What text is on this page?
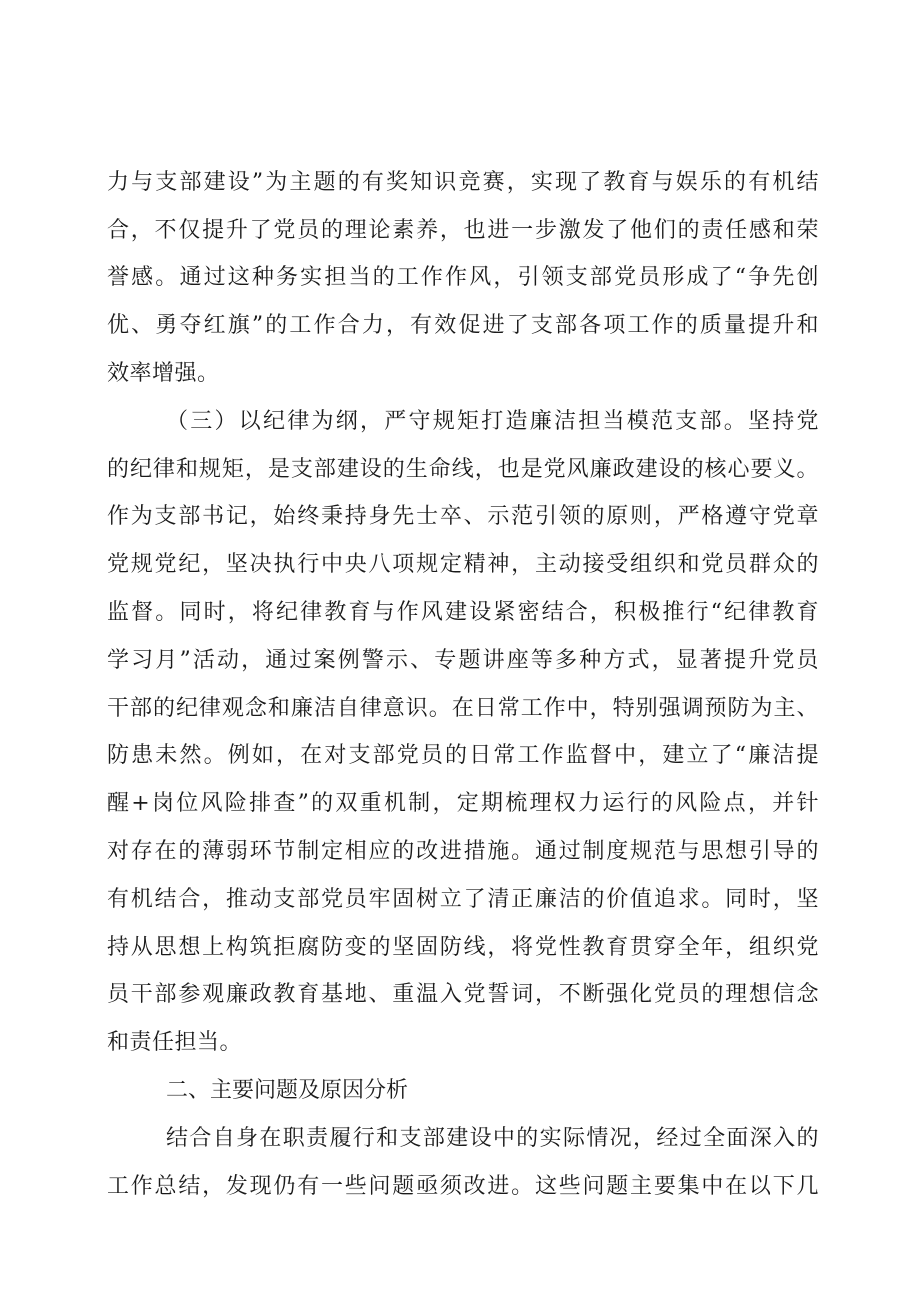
力与支部建设”为主题的有奖知识竞赛，实现了教育与娱乐的有机结
合，不仅提升了党员的理论素养，也进一步激发了他们的责任感和荣
誉感。通过这种务实担当的工作作风，引领支部党员形成了“争先创
优、勇夺红旗”的工作合力，有效促进了支部各项工作的质量提升和
效率增强。
（三）以纪律为纲，严守规矩打造廉洁担当模范支部。坚持党
的纪律和规矩，是支部建设的生命线，也是党风廉政建设的核心要义。
作为支部书记，始终秉持身先士卒、示范引领的原则，严格遵守党章
党规党纪，坚决执行中央八项规定精神，主动接受组织和党员群众的
监督。同时，将纪律教育与作风建设紧密结合，积极推行“纪律教育
学习月”活动，通过案例警示、专题讲座等多种方式，显著提升党员
干部的纪律观念和廉洁自律意识。在日常工作中，特别强调预防为主、
防患未然。例如，在对支部党员的日常工作监督中，建立了“廉洁提
醒+岗位风险排查”的双重机制，定期梳理权力运行的风险点，并针
对存在的薄弱环节制定相应的改进措施。通过制度规范与思想引导的
有机结合，推动支部党员牢固树立了清正廉洁的价值追求。同时，坚
持从思想上构筑拒腐防变的坚固防线，将党性教育贯穿全年，组织党
员干部参观廉政教育基地、重温入党誓词，不断强化党员的理想信念
和责任担当。
二、主要问题及原因分析
结合自身在职责履行和支部建设中的实际情况，经过全面深入的
工作总结，发现仍有一些问题亟须改进。这些问题主要集中在以下几
